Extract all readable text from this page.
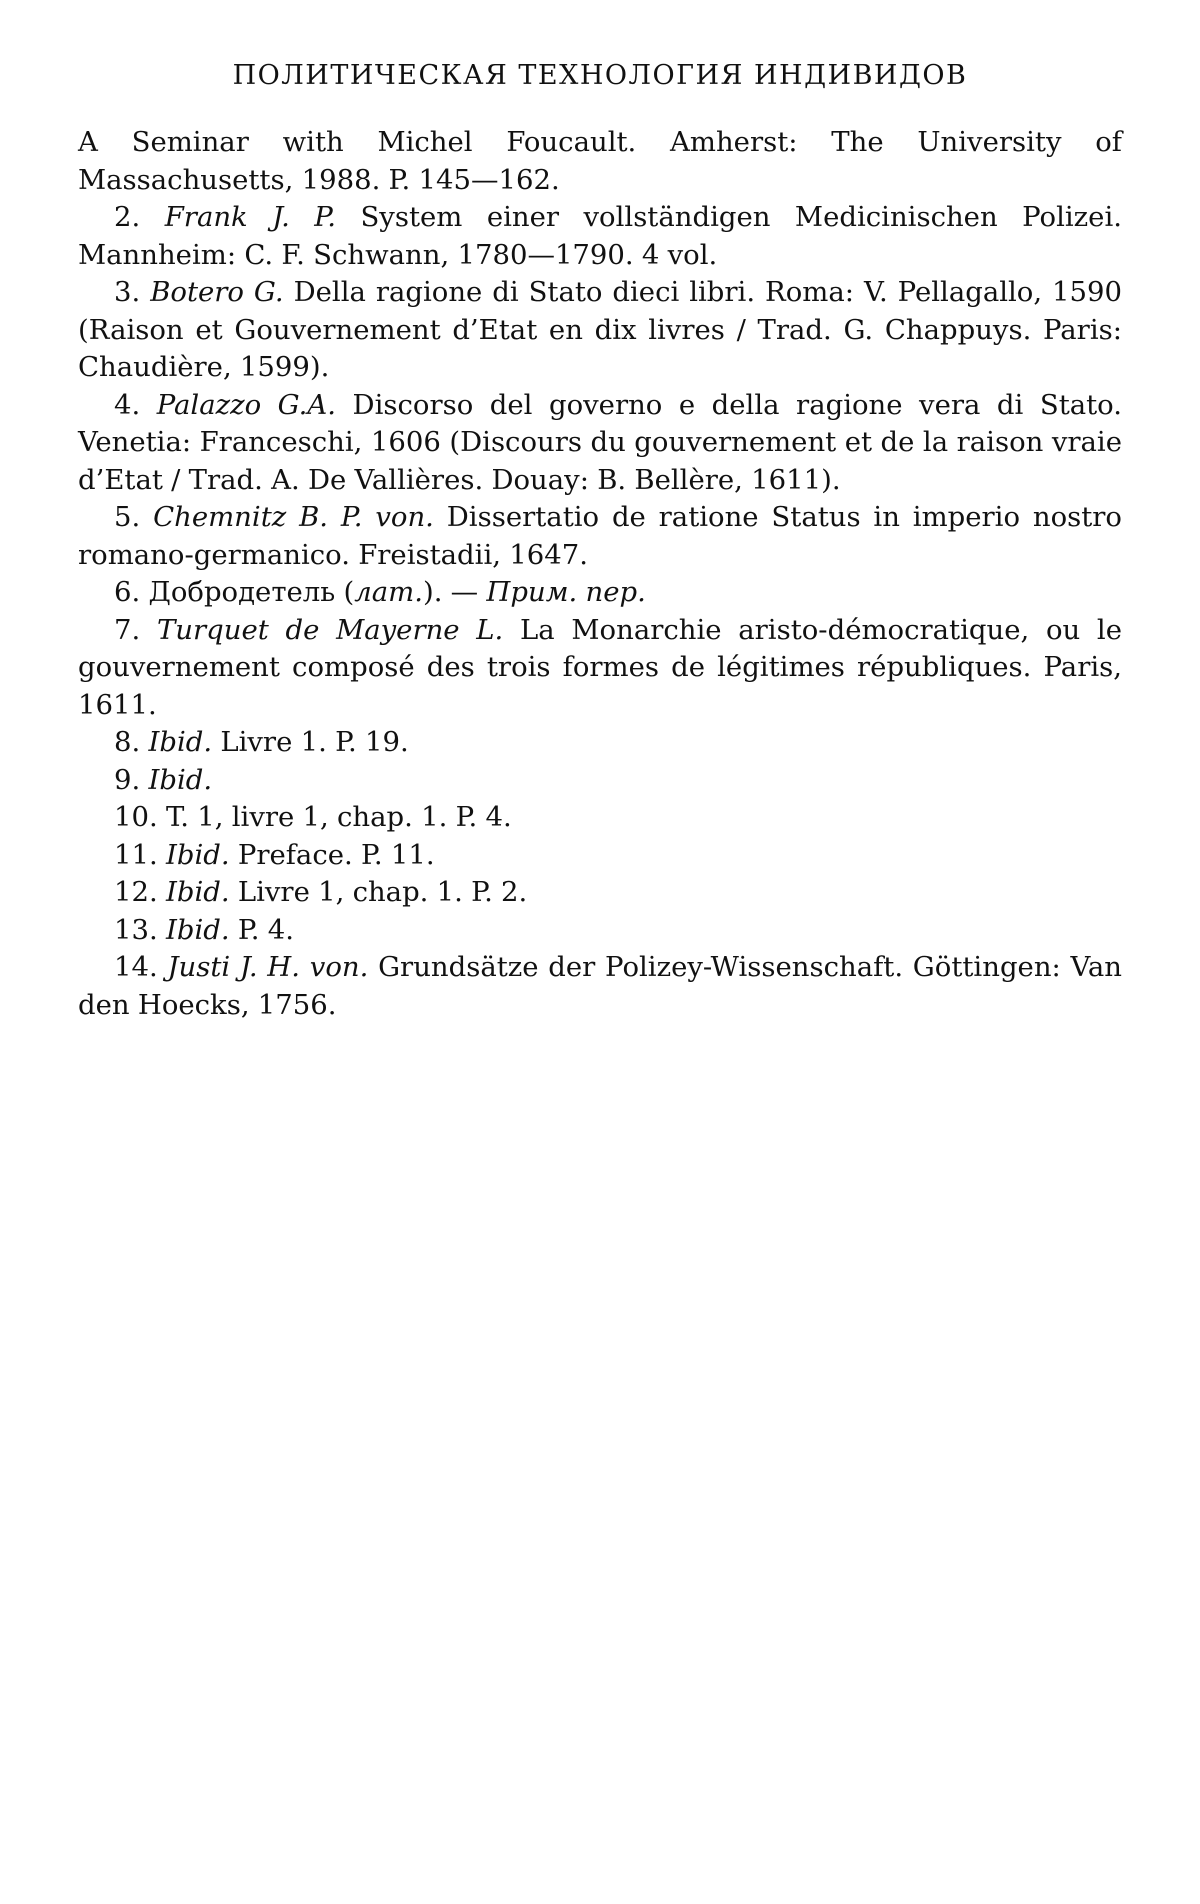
ПОЛИТИЧЕСКАЯ ТЕХНОЛОГИЯ ИНДИВИДОВ

A Seminar with Michel Foucault. Amherst: The University of Massachusetts, 1988. P. 145—162.

2. Frank J. P. System einer vollständigen Medicinischen Polizei. Mannheim: C. F. Schwann, 1780—1790. 4 vol.

3. Botero G. Della ragione di Stato dieci libri. Roma: V. Pellagallo, 1590 (Raison et Gouvernement d’Etat en dix livres / Trad. G. Chappuys. Paris: Chaudière, 1599).

4. Palazzo G.A. Discorso del governo e della ragione vera di Stato. Venetia: Franceschi, 1606 (Discours du gouvernement et de la raison vraie d’Etat / Trad. A. De Vallières. Douay: B. Bellère, 1611).

5. Chemnitz B. P. von. Dissertatio de ratione Status in imperio nostro romano-germanico. Freistadii, 1647.

6. Добродетель (лат.). — Прим. пер.

7. Turquet de Mayerne L. La Monarchie aristo-démocratique, ou le gouvernement composé des trois formes de légitimes républiques. Paris, 1611.

8. Ibid. Livre 1. P. 19.

9. Ibid.

10. T. 1, livre 1, chap. 1. P. 4.

11. Ibid. Preface. P. 11.

12. Ibid. Livre 1, chap. 1. P. 2.

13. Ibid. P. 4.

14. Justi J. H. von. Grundsätze der Polizey-Wissenschaft. Göttingen: Van den Hoecks, 1756.
